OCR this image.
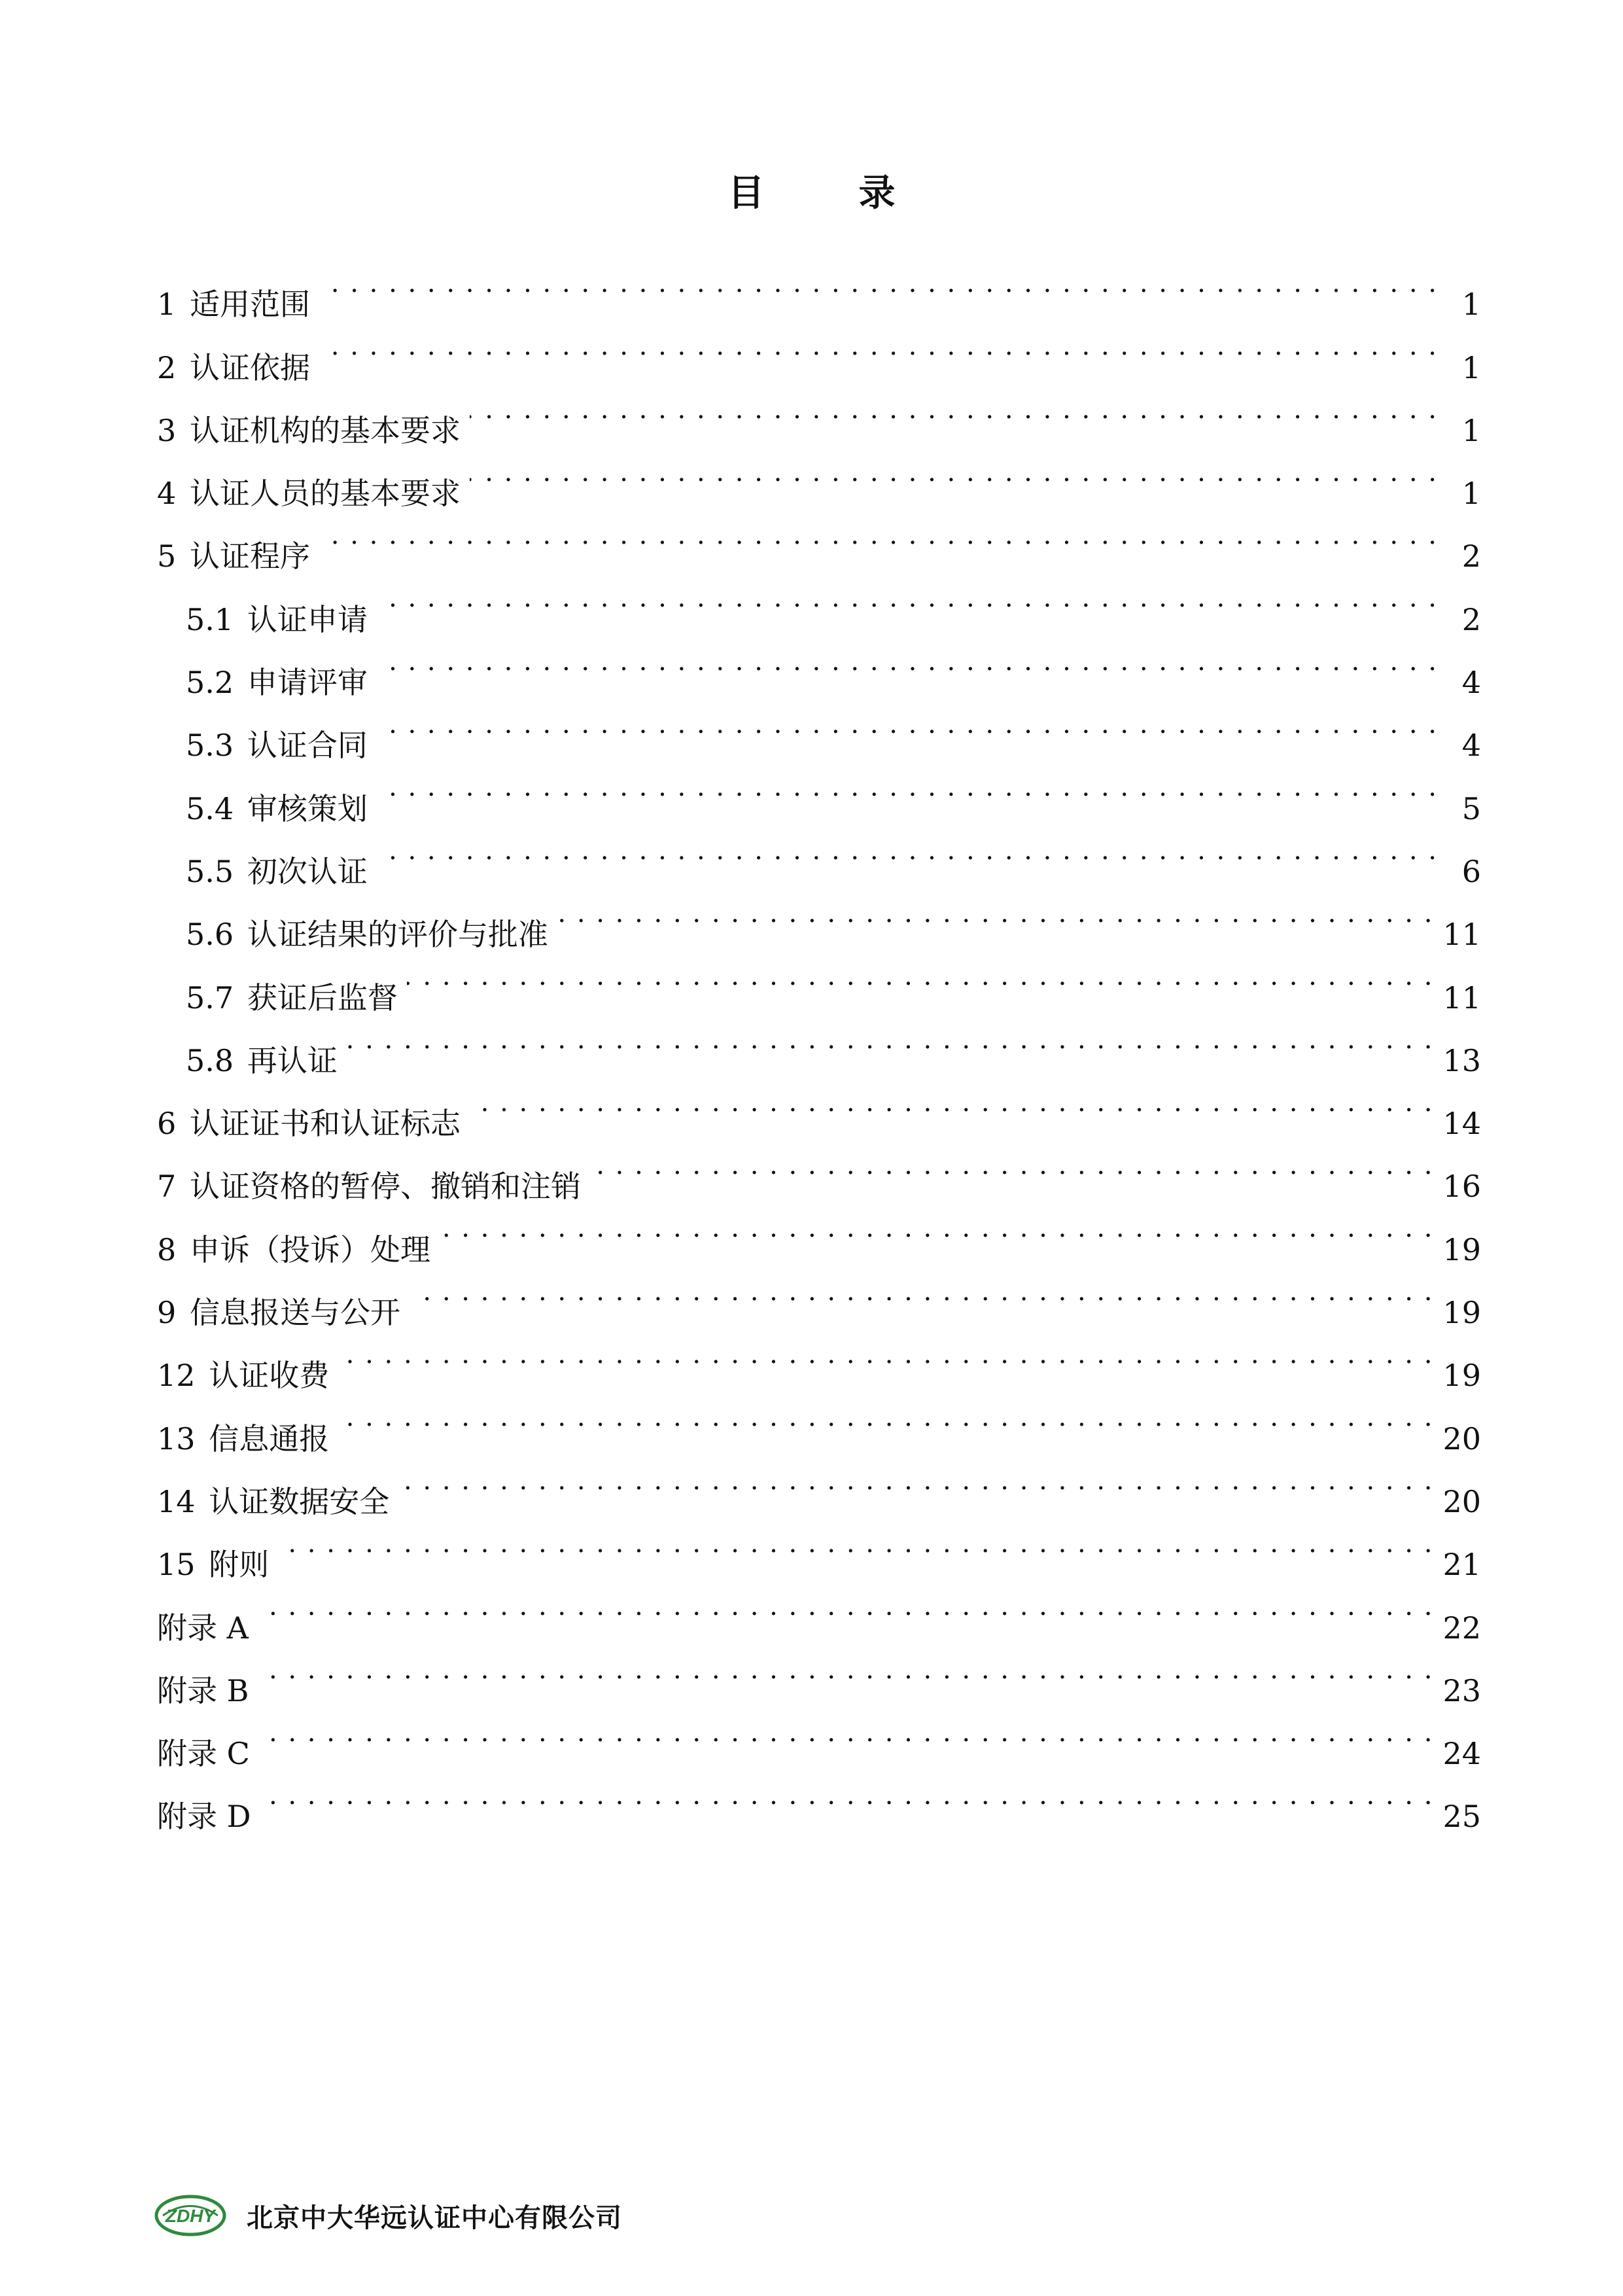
目　录
1 适用范围 . . .	1
2 认证依据 . . .	1
3 认证机构的基本要求 . . .	1
4 认证人员的基本要求 . . .	1
5 认证程序 . . .	2
5.1 认证申请 . . .	2
5.2 申请评审 . . .	4
5.3 认证合同 . . .	4
5.4 审核策划 . . .	5
5.5 初次认证 . . .	6
5.6 认证结果的评价与批准 . . .	11
5.7 获证后监督 . . .	11
5.8 再认证 . . .	13
6 认证证书和认证标志 . . .	14
7 认证资格的暂停、撤销和注销 . . .	16
8 申诉（投诉）处理 . . .	19
9 信息报送与公开 . . .	19
12 认证收费 . . .	19
13 信息通报 . . .	20
14 认证数据安全 . . .	20
15 附则 . . .	21
附录 A . . .	22
附录 B . . .	23
附录 C . . .	24
附录 D . . .	25
ZDHY 北京中大华远认证中心有限公司
